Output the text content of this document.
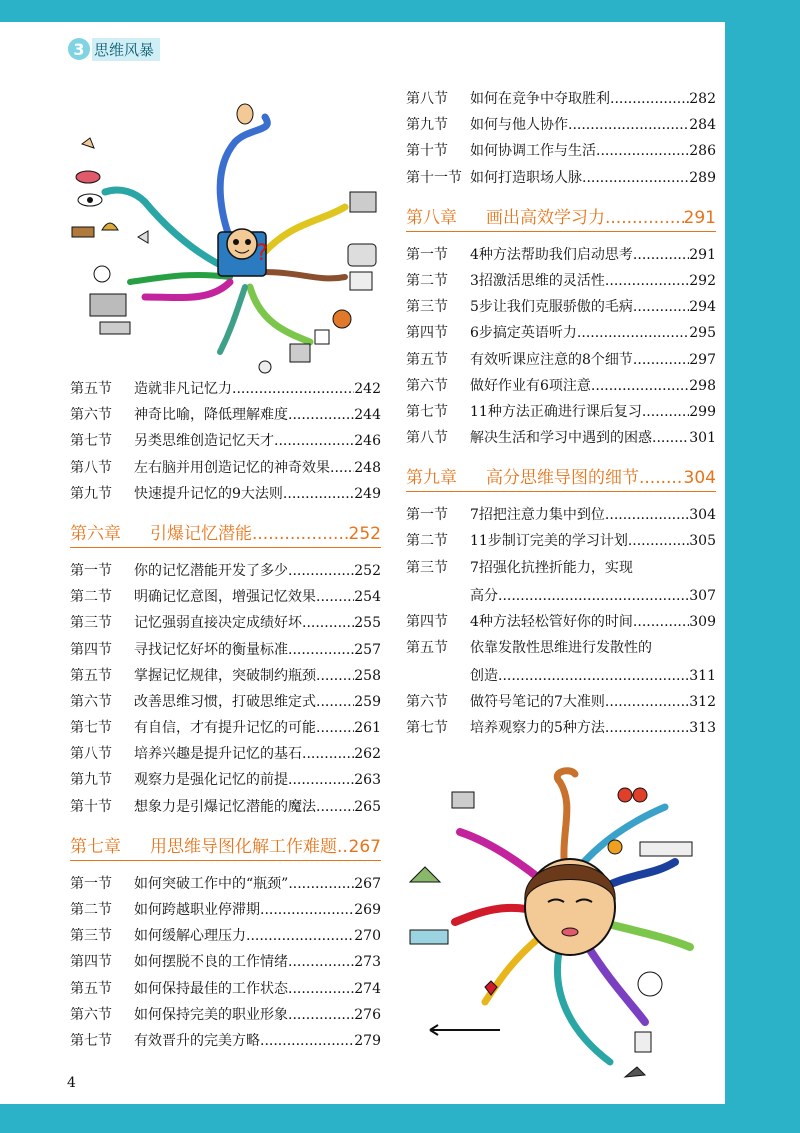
3 思维风暴
?
第五节	造就非凡记忆力 .....	242
第六节	神奇比喻，降低理解难度 .....	244
第七节	另类思维创造记忆天才 .....	246
第八节	左右脑并用创造记忆的神奇效果 ..... 248
第九节	快速提升记忆的9大法则 .....	249
第六章	引爆记忆潜能 .....	252
第一节	你的记忆潜能开发了多少 .....	252
第二节	明确记忆意图，增强记忆效果 .....	254
第三节	记忆强弱直接决定成绩好坏 .....	255
第四节	寻找记忆好坏的衡量标准 .....	257
第五节	掌握记忆规律，突破制约瓶颈 .....	258
第六节	改善思维习惯，打破思维定式 .....	259
第七节	有自信，才有提升记忆的可能 .....	261
第八节	培养兴趣是提升记忆的基石 .....	262
第九节	观察力是强化记忆的前提 .....	263
第十节	想象力是引爆记忆潜能的魔法 .....	265
第七章	用思维导图化解工作难题 ..... 267
第一节	如何突破工作中的“瓶颈” .....	267
第二节	如何跨越职业停滞期 .....	269
第三节	如何缓解心理压力 .....	270
第四节	如何摆脱不良的工作情绪 .....	273
第五节	如何保持最佳的工作状态 .....	274
第六节	如何保持完美的职业形象 .....	276
第七节	有效晋升的完美方略 .....	279
第八节	如何在竞争中夺取胜利 .....	282
第九节	如何与他人协作 .....	284
第十节	如何协调工作与生活 .....	286
第十一节 如何打造职场人脉 .....	289
第八章	画出高效学习力 .....	291
第一节	4种方法帮助我们启动思考 .....	291
第二节	3招激活思维的灵活性 .....	292
第三节	5步让我们克服骄傲的毛病 .....	294
第四节	6步搞定英语听力 .....	295
第五节	有效听课应注意的8个细节 .....	297
第六节	做好作业有6项注意 .....	298
第七节	11种方法正确进行课后复习 .....	299
第八节	解决生活和学习中遇到的困惑 .....	301
第九章	高分思维导图的细节 .....	304
第一节	7招把注意力集中到位 .....	304
第二节	11步制订完美的学习计划 .....	305
第三节	7招强化抗挫折能力，实现
高分 .....	307
第四节	4种方法轻松管好你的时间 .....	309
第五节	依靠发散性思维进行发散性的
创造 .....	311
第六节	做符号笔记的7大准则 .....	312
第七节	培养观察力的5种方法 .....	313
4
